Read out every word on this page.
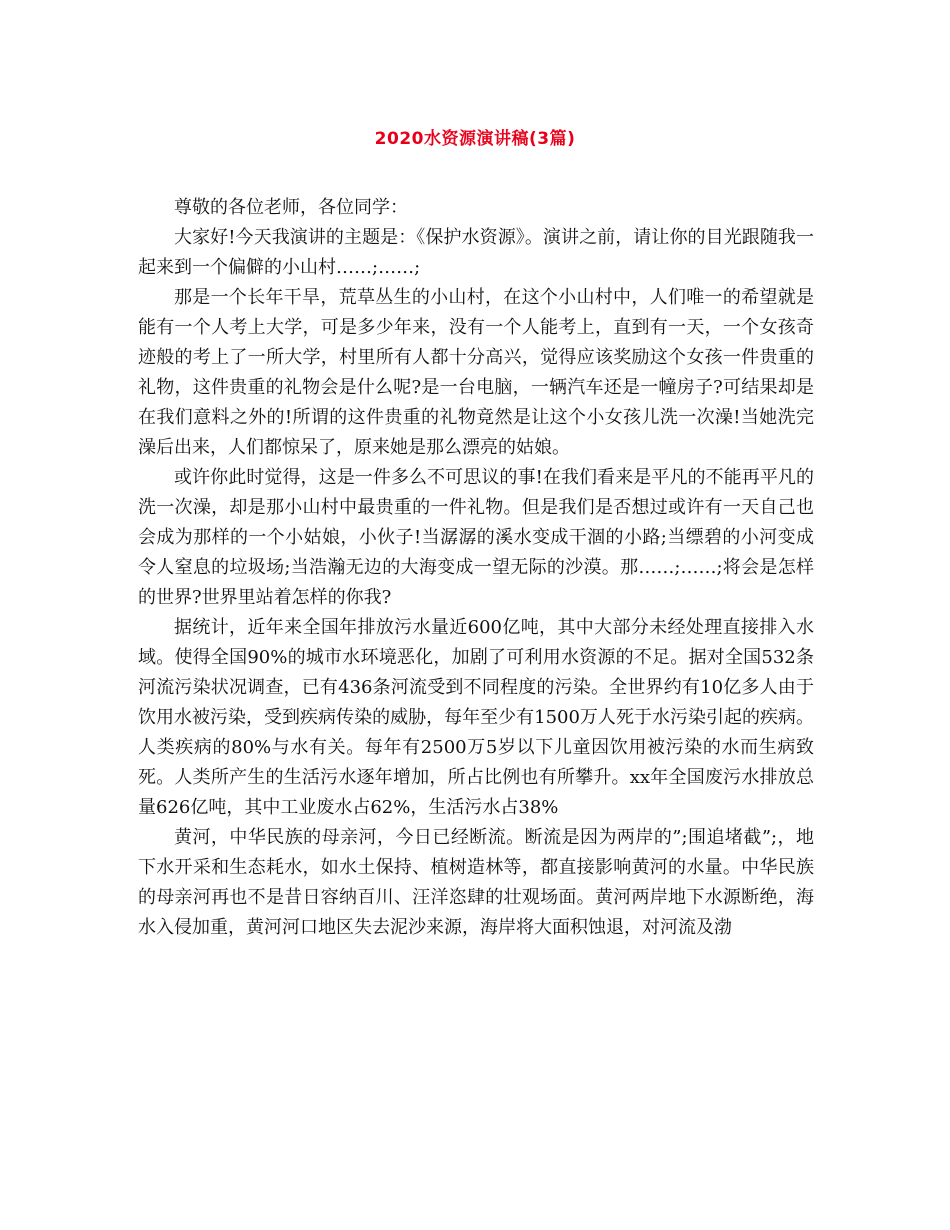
2020水资源演讲稿(3篇)

尊敬的各位老师，各位同学：

大家好!今天我演讲的主题是：《保护水资源》。演讲之前，请让你的目光跟随我一起来到一个偏僻的小山村……;……;

那是一个长年干旱，荒草丛生的小山村，在这个小山村中，人们唯一的希望就是能有一个人考上大学，可是多少年来，没有一个人能考上，直到有一天，一个女孩奇迹般的考上了一所大学，村里所有人都十分高兴，觉得应该奖励这个女孩一件贵重的礼物，这件贵重的礼物会是什么呢?是一台电脑，一辆汽车还是一幢房子?可结果却是在我们意料之外的!所谓的这件贵重的礼物竟然是让这个小女孩儿洗一次澡!当她洗完澡后出来，人们都惊呆了，原来她是那么漂亮的姑娘。

或许你此时觉得，这是一件多么不可思议的事!在我们看来是平凡的不能再平凡的洗一次澡，却是那小山村中最贵重的一件礼物。但是我们是否想过或许有一天自己也会成为那样的一个小姑娘，小伙子!当潺潺的溪水变成干涸的小路;当缥碧的小河变成令人窒息的垃圾场;当浩瀚无边的大海变成一望无际的沙漠。那……;……;将会是怎样的世界?世界里站着怎样的你我?

据统计，近年来全国年排放污水量近600亿吨，其中大部分未经处理直接排入水域。使得全国90%的城市水环境恶化，加剧了可利用水资源的不足。据对全国532条河流污染状况调查，已有436条河流受到不同程度的污染。全世界约有10亿多人由于饮用水被污染，受到疾病传染的威胁，每年至少有1500万人死于水污染引起的疾病。人类疾病的80%与水有关。每年有2500万5岁以下儿童因饮用被污染的水而生病致死。人类所产生的生活污水逐年增加，所占比例也有所攀升。xx年全国废污水排放总量626亿吨，其中工业废水占62%，生活污水占38%

黄河，中华民族的母亲河，今日已经断流。断流是因为两岸的”;围追堵截”;，地下水开采和生态耗水，如水土保持、植树造林等，都直接影响黄河的水量。中华民族的母亲河再也不是昔日容纳百川、汪洋恣肆的壮观场面。黄河两岸地下水源断绝，海水入侵加重，黄河河口地区失去泥沙来源，海岸将大面积蚀退，对河流及渤
